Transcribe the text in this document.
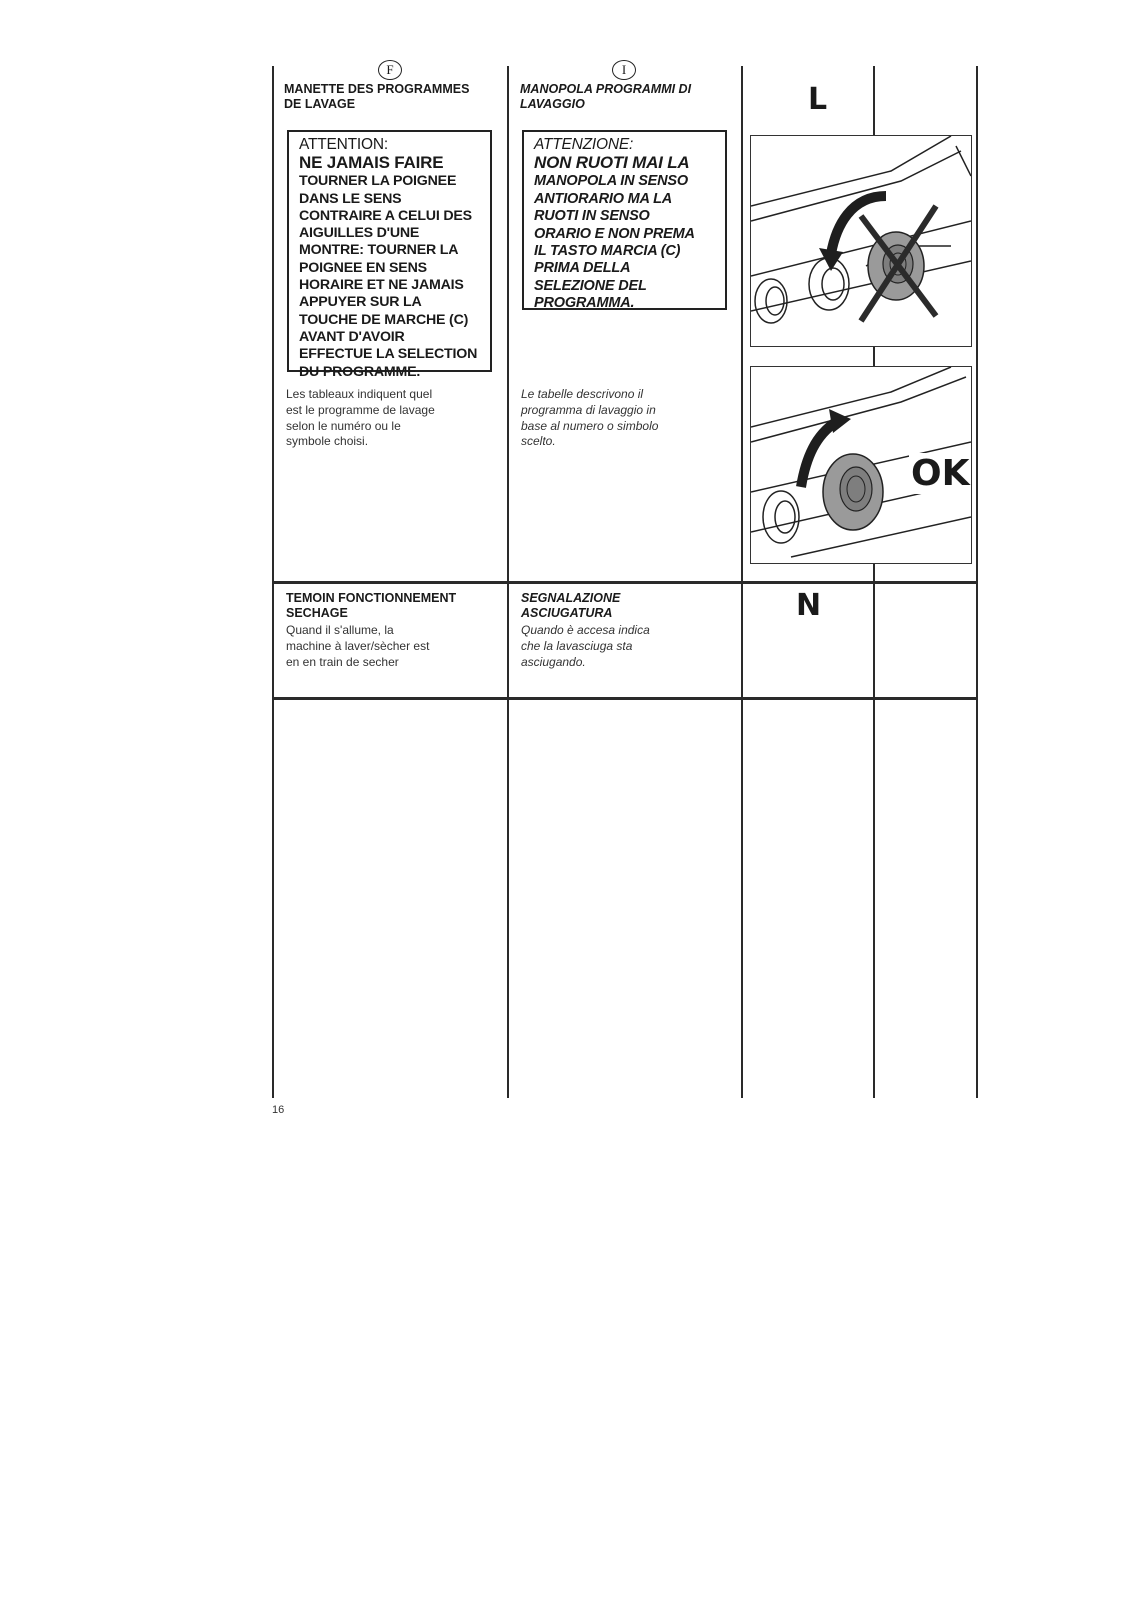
F
MANETTE DES PROGRAMMES
DE LAVAGE
ATTENTION:
NE JAMAIS FAIRE
TOURNER LA POIGNEE
DANS LE SENS
CONTRAIRE A CELUI DES
AIGUILLES D'UNE
MONTRE: TOURNER LA
POIGNEE EN SENS
HORAIRE ET NE JAMAIS
APPUYER SUR LA
TOUCHE DE MARCHE (C)
AVANT D'AVOIR
EFFECTUE LA SELECTION
DU PROGRAMME.
Les tableaux indiquent quel
est le programme de lavage
selon le numéro ou le
symbole choisi.
TEMOIN FONCTIONNEMENT
SECHAGE
Quand il s'allume, la
machine à laver/sècher est
en en train de secher
I
MANOPOLA PROGRAMMI DI
LAVAGGIO
ATTENZIONE:
NON RUOTI MAI LA
MANOPOLA IN SENSO
ANTIORARIO MA LA
RUOTI IN SENSO
ORARIO E NON PREMA
IL TASTO MARCIA (C)
PRIMA DELLA
SELEZIONE DEL
PROGRAMMA.
Le tabelle descrivono il
programma di lavaggio in
base al numero o simbolo
scelto.
SEGNALAZIONE
ASCIUGATURA
Quando è accesa indica
che la lavasciuga sta
asciugando.
L
N
OK
16
